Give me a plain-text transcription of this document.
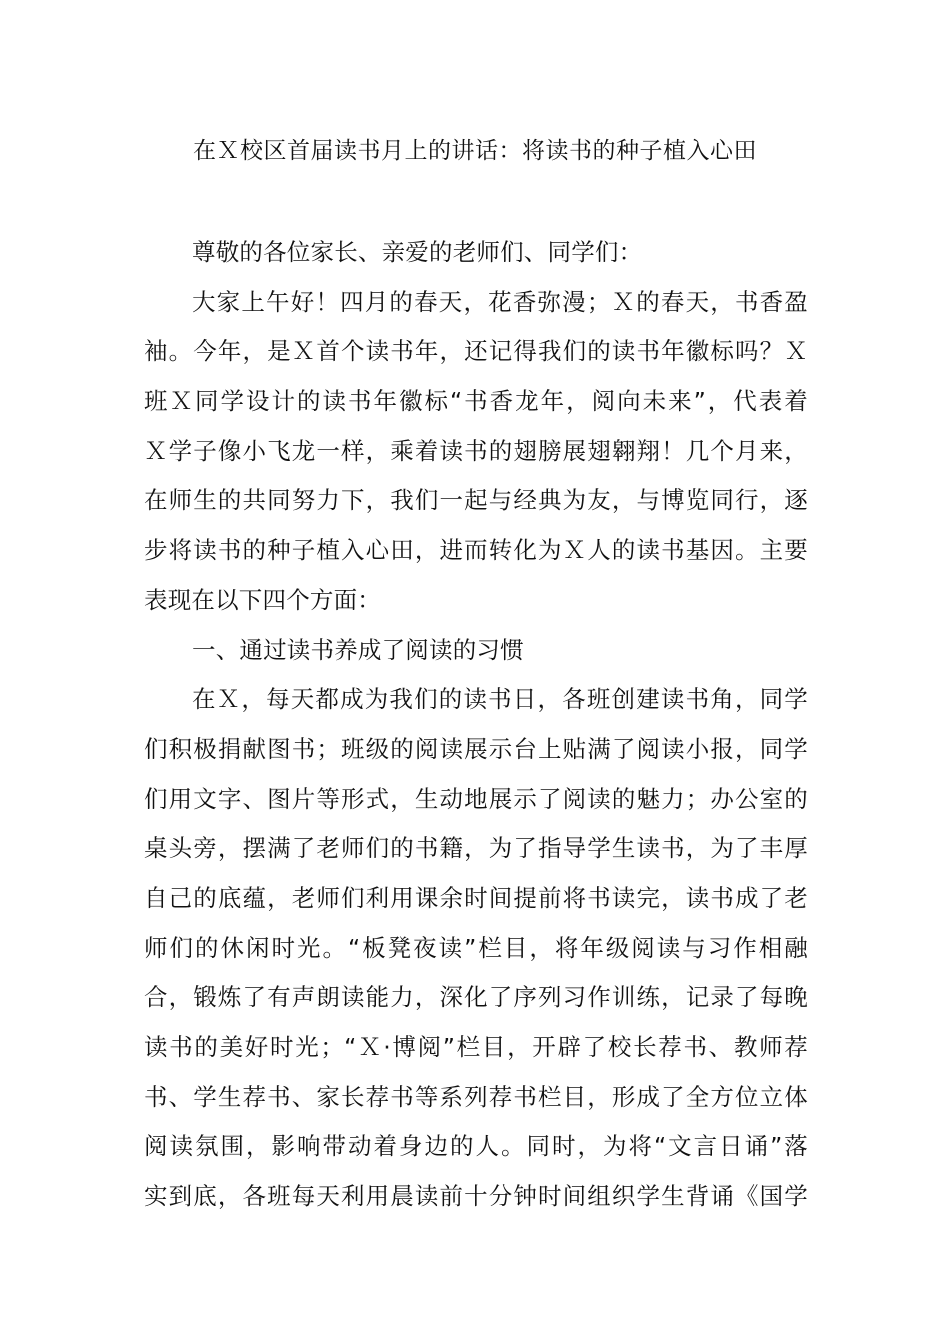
在Ｘ校区首届读书月上的讲话：将读书的种子植入心田
尊敬的各位家长、亲爱的老师们、同学们：
大家上午好！四月的春天，花香弥漫；Ｘ的春天，书香盈
袖。今年，是Ｘ首个读书年，还记得我们的读书年徽标吗？Ｘ
班Ｘ同学设计的读书年徽标“书香龙年，阅向未来”，代表着
Ｘ学子像小飞龙一样，乘着读书的翅膀展翅翱翔！几个月来，
在师生的共同努力下，我们一起与经典为友，与博览同行，逐
步将读书的种子植入心田，进而转化为Ｘ人的读书基因。主要
表现在以下四个方面：
一、通过读书养成了阅读的习惯
在Ｘ，每天都成为我们的读书日，各班创建读书角，同学
们积极捐献图书；班级的阅读展示台上贴满了阅读小报，同学
们用文字、图片等形式，生动地展示了阅读的魅力；办公室的
桌头旁，摆满了老师们的书籍，为了指导学生读书，为了丰厚
自己的底蕴，老师们利用课余时间提前将书读完，读书成了老
师们的休闲时光。“板凳夜读”栏目，将年级阅读与习作相融
合，锻炼了有声朗读能力，深化了序列习作训练，记录了每晚
读书的美好时光；“Ｘ·博阅”栏目，开辟了校长荐书、教师荐
书、学生荐书、家长荐书等系列荐书栏目，形成了全方位立体
阅读氛围，影响带动着身边的人。同时，为将“文言日诵”落
实到底，各班每天利用晨读前十分钟时间组织学生背诵《国学
